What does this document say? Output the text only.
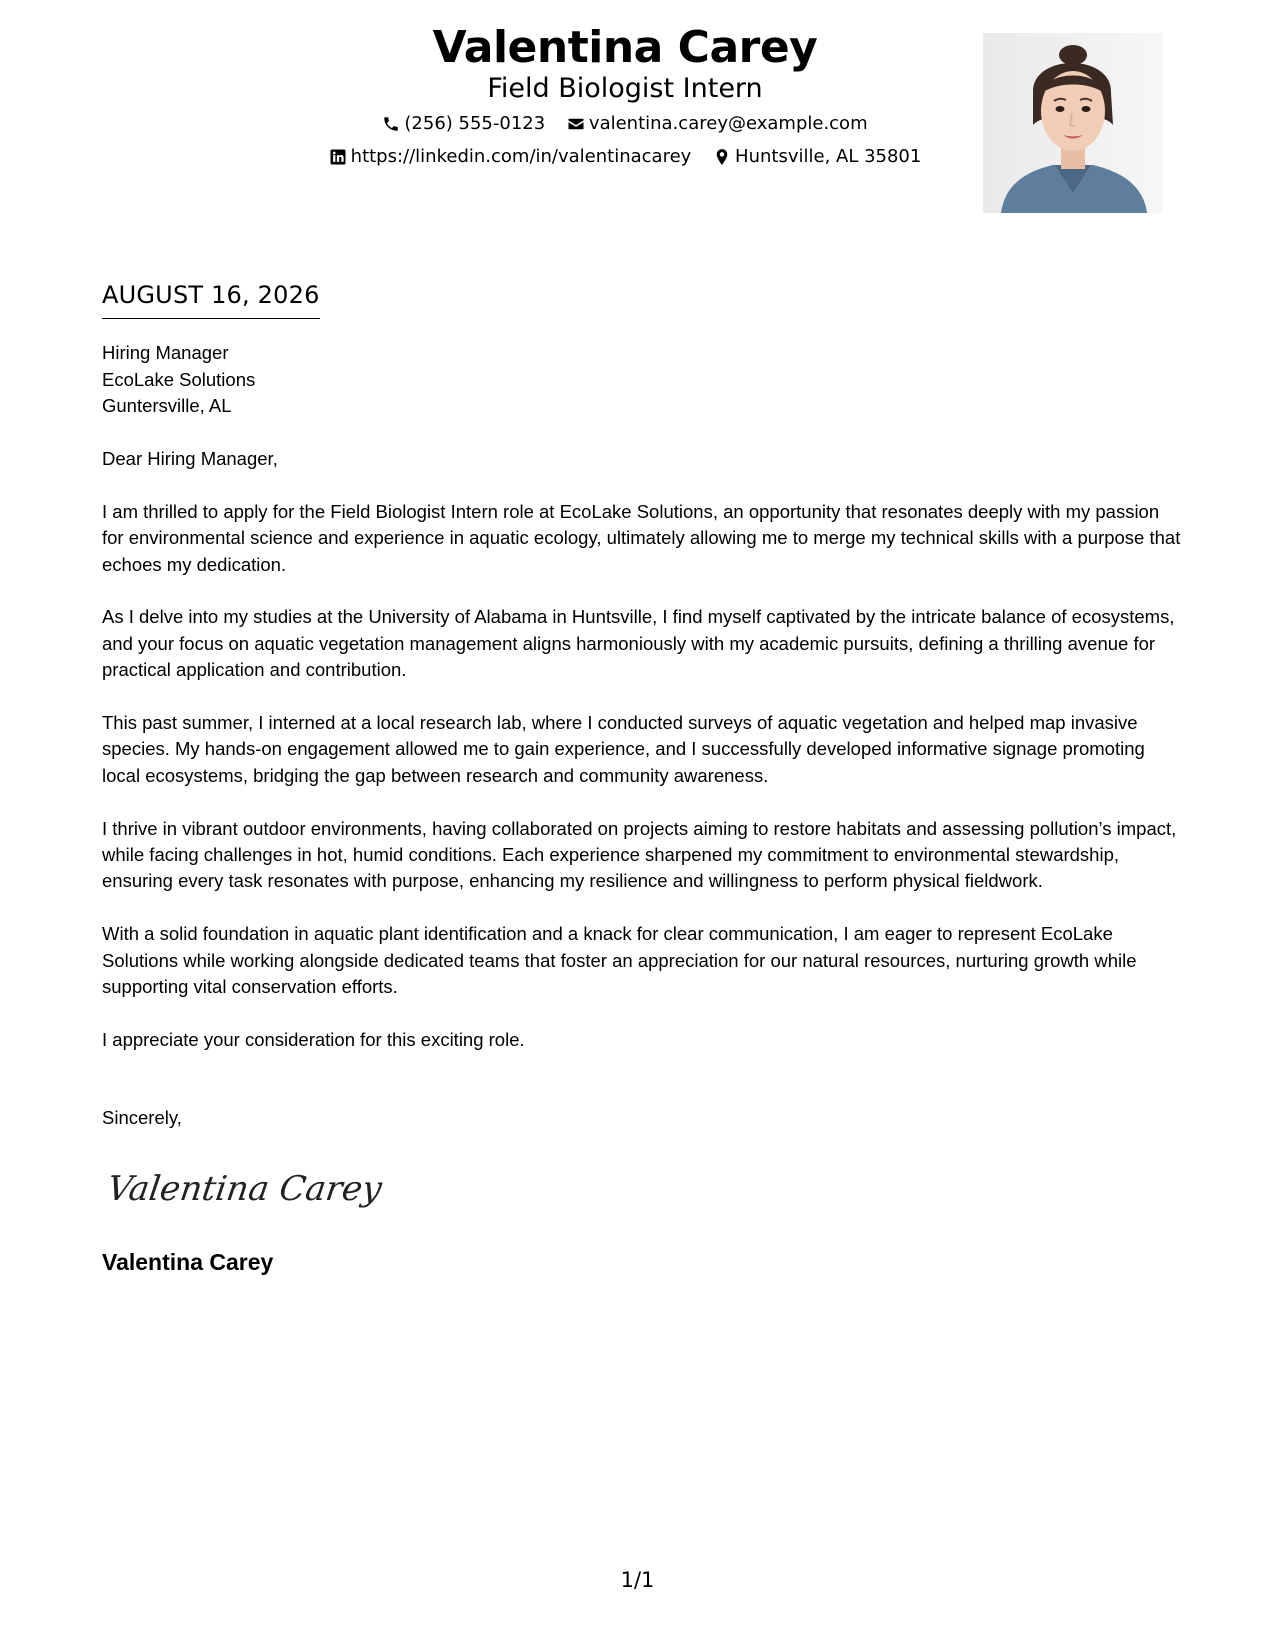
Valentina Carey
Field Biologist Intern
(256) 555-0123
valentina.carey@example.com
https://linkedin.com/in/valentinacarey
Huntsville, AL 35801
AUGUST 16, 2026
Hiring Manager
EcoLake Solutions
Guntersville, AL

Dear Hiring Manager,

I am thrilled to apply for the Field Biologist Intern role at EcoLake Solutions, an opportunity that resonates deeply with my passion for environmental science and experience in aquatic ecology, ultimately allowing me to merge my technical skills with a purpose that echoes my dedication.

As I delve into my studies at the University of Alabama in Huntsville, I find myself captivated by the intricate balance of ecosystems, and your focus on aquatic vegetation management aligns harmoniously with my academic pursuits, defining a thrilling avenue for practical application and contribution.

This past summer, I interned at a local research lab, where I conducted surveys of aquatic vegetation and helped map invasive species. My hands-on engagement allowed me to gain experience, and I successfully developed informative signage promoting local ecosystems, bridging the gap between research and community awareness.

I thrive in vibrant outdoor environments, having collaborated on projects aiming to restore habitats and assessing pollution’s impact, while facing challenges in hot, humid conditions. Each experience sharpened my commitment to environmental stewardship, ensuring every task resonates with purpose, enhancing my resilience and willingness to perform physical fieldwork.

With a solid foundation in aquatic plant identification and a knack for clear communication, I am eager to represent EcoLake Solutions while working alongside dedicated teams that foster an appreciation for our natural resources, nurturing growth while supporting vital conservation efforts.

I appreciate your consideration for this exciting role.

Sincerely,
Valentina Carey
Valentina Carey
1/1
